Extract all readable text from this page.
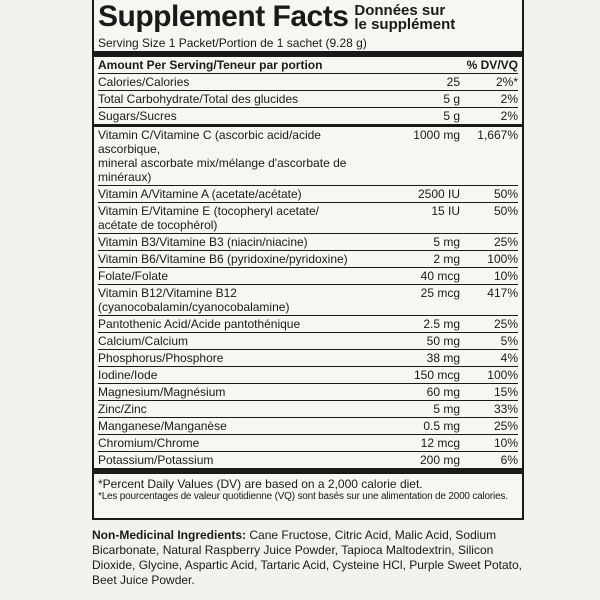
Supplement Facts Données sur
le supplément
Serving Size 1 Packet/Portion de 1 sachet (9.28 g)
Amount Per Serving/Teneur par portion	% DV/VQ
Calories/Calories	25	2%*
Total Carbohydrate/Total des glucides	5 g	2%
Sugars/Sucres	5 g	2%
Vitamin C/Vitamine C (ascorbic acid/acide ascorbique,
mineral ascorbate mix/mélange d'ascorbate de minéraux)
1000 mg	1,667%
Vitamin A/Vitamine A (acetate/acétate)	2500 IU	50%
Vitamin E/Vitamine E (tocopheryl acetate/
acétate de tocophérol)
15 IU	50%
Vitamin B3/Vitamine B3 (niacin/niacine)	5 mg	25%
Vitamin B6/Vitamine B6 (pyridoxine/pyridoxine)	2 mg	100%
Folate/Folate	40 mcg	10%
Vitamin B12/Vitamine B12
(cyanocobalamin/cyanocobalamine)
25 mcg	417%
Pantothenic Acid/Acide pantothénique	2.5 mg	25%
Calcium/Calcium	50 mg	5%
Phosphorus/Phosphore	38 mg	4%
Iodine/Iode	150 mcg	100%
Magnesium/Magnésium	60 mg	15%
Zinc/Zinc	5 mg	33%
Manganese/Manganèse	0.5 mg	25%
Chromium/Chrome	12 mcg	10%
Potassium/Potassium	200 mg	6%
*Percent Daily Values (DV) are based on a 2,000 calorie diet.
*Les pourcentages de valeur quotidienne (VQ) sont basés sur une alimentation de 2000 calories.
Non-Medicinal Ingredients: Cane Fructose, Citric Acid, Malic Acid, Sodium Bicarbonate, Natural Raspberry Juice Powder, Tapioca Maltodextrin, Silicon Dioxide, Glycine, Aspartic Acid, Tartaric Acid, Cysteine HCl, Purple Sweet Potato, Beet Juice Powder.
